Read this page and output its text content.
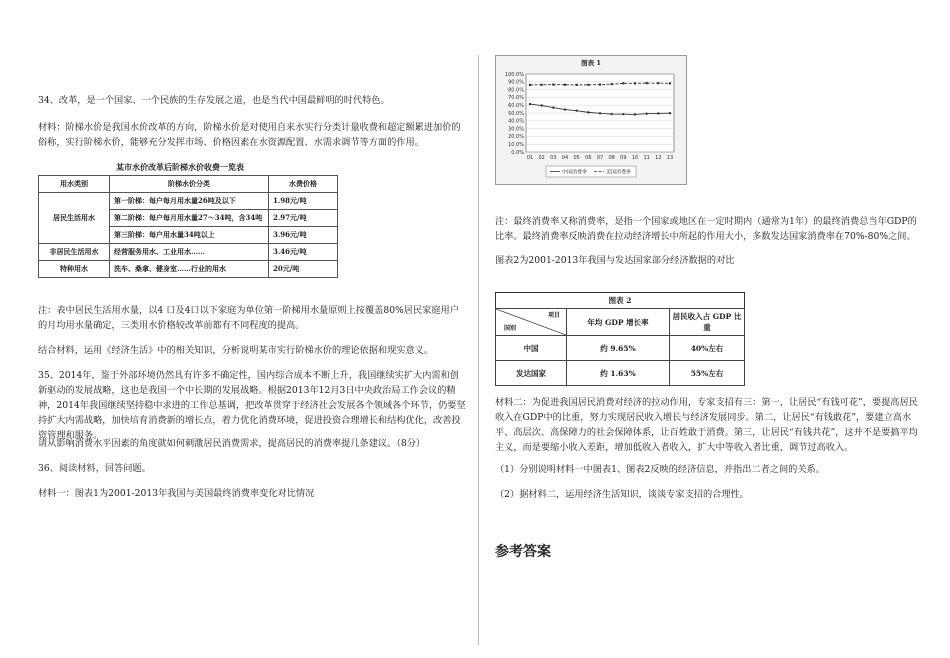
34、改革，是一个国家、一个民族的生存发展之道，也是当代中国最鲜明的时代特色。

材料：阶梯水价是我国水价改革的方向，阶梯水价是对使用自来水实行分类计量收费和超定额累进加价的俗称，实行阶梯水价，能够充分发挥市场、价格因素在水资源配置、水需求调节等方面的作用。

某市水价改革后阶梯水价收费一览表
用水类别	阶梯水价分类	水费价格
居民生活用水	第一阶梯：每户每月用水量26吨及以下	1.98元/吨
	第二阶梯：每户每月用水量27～34吨，含34吨	2.97元/吨
	第三阶梯：每户用水量34吨以上	3.96元/吨
非居民生活用水	经营服务用水、工业用水……	3.46元/吨
特种用水	洗车、桑拿、健身室……行业的用水	20元/吨

注：表中居民生活用水量，以4 口及4口以下家庭为单位第一阶梯用水量原则上按覆盖80%居民家庭用户的月均用水量确定，三类用水价格较改革前都有不同程度的提高。

结合材料，运用《经济生活》中的相关知识，分析说明某市实行阶梯水价的理论依据和现实意义。

35、2014年，鉴于外部环境仍然具有许多不确定性，国内综合成本不断上升，我国继续实扩大内需和创新驱动的发展战略，这也是我国一个中长期的发展战略。根据2013年12月3日中央政治局工作会议的精神，2014年我国继续坚持稳中求进的工作总基调，把改革贯穿于经济社会发展各个领域各个环节，仍要坚持扩大内需战略，加快培育消费新的增长点，着力优化消费环境，促进投资合理增长和结构优化，改善投资管理和服务。

请从影响消费水平因素的角度就如何刺激居民消费需求，提高居民的消费率提几条建议。（8分）

36、阅读材料，回答问题。

材料一：图表1为2001-2013年我国与美国最终消费率变化对比情况

图表 1
100.0%
90.0%
80.0%
70.0%
60.0%
50.0%
40.0%
30.0%
20.0%
10.0%
0.0%
01 02 03 04 05 06 07 08 09 10 11 12 13
中国消费率	美国消费率

注：最终消费率又称消费率，是指一个国家或地区在一定时期内（通常为1年）的最终消费总当年GDP的比率。最终消费率反映消费在拉动经济增长中所起的作用大小，多数发达国家消费率在70%-80%之间。

图表2为2001-2013年我国与发达国家部分经济数据的对比

图表 2		

项目
国别	年均 GDP 增长率	居民收入占 GDP 比重
中国	约 9.65%	40%左右
发达国家	约 1.63%	55%左右

材料二：为促进我国居民消费对经济的拉动作用，专家支招有三：第一，让居民“有钱可花”，要提高居民收入在GDP中的比重，努力实现居民收入增长与经济发展同步。第二，让居民“有钱敢花”，要建立高水平、高层次、高保障力的社会保障体系，让百姓敢于消费。第三，让居民“有钱共花”，这并不是要搞平均主义，而是要缩小收入差距，增加低收入者收入，扩大中等收入者比重，调节过高收入。

（1）分别说明材料一中图表1、图表2反映的经济信息，并指出二者之间的关系。

（2）据材料二，运用经济生活知识，谈谈专家支招的合理性。

参考答案
